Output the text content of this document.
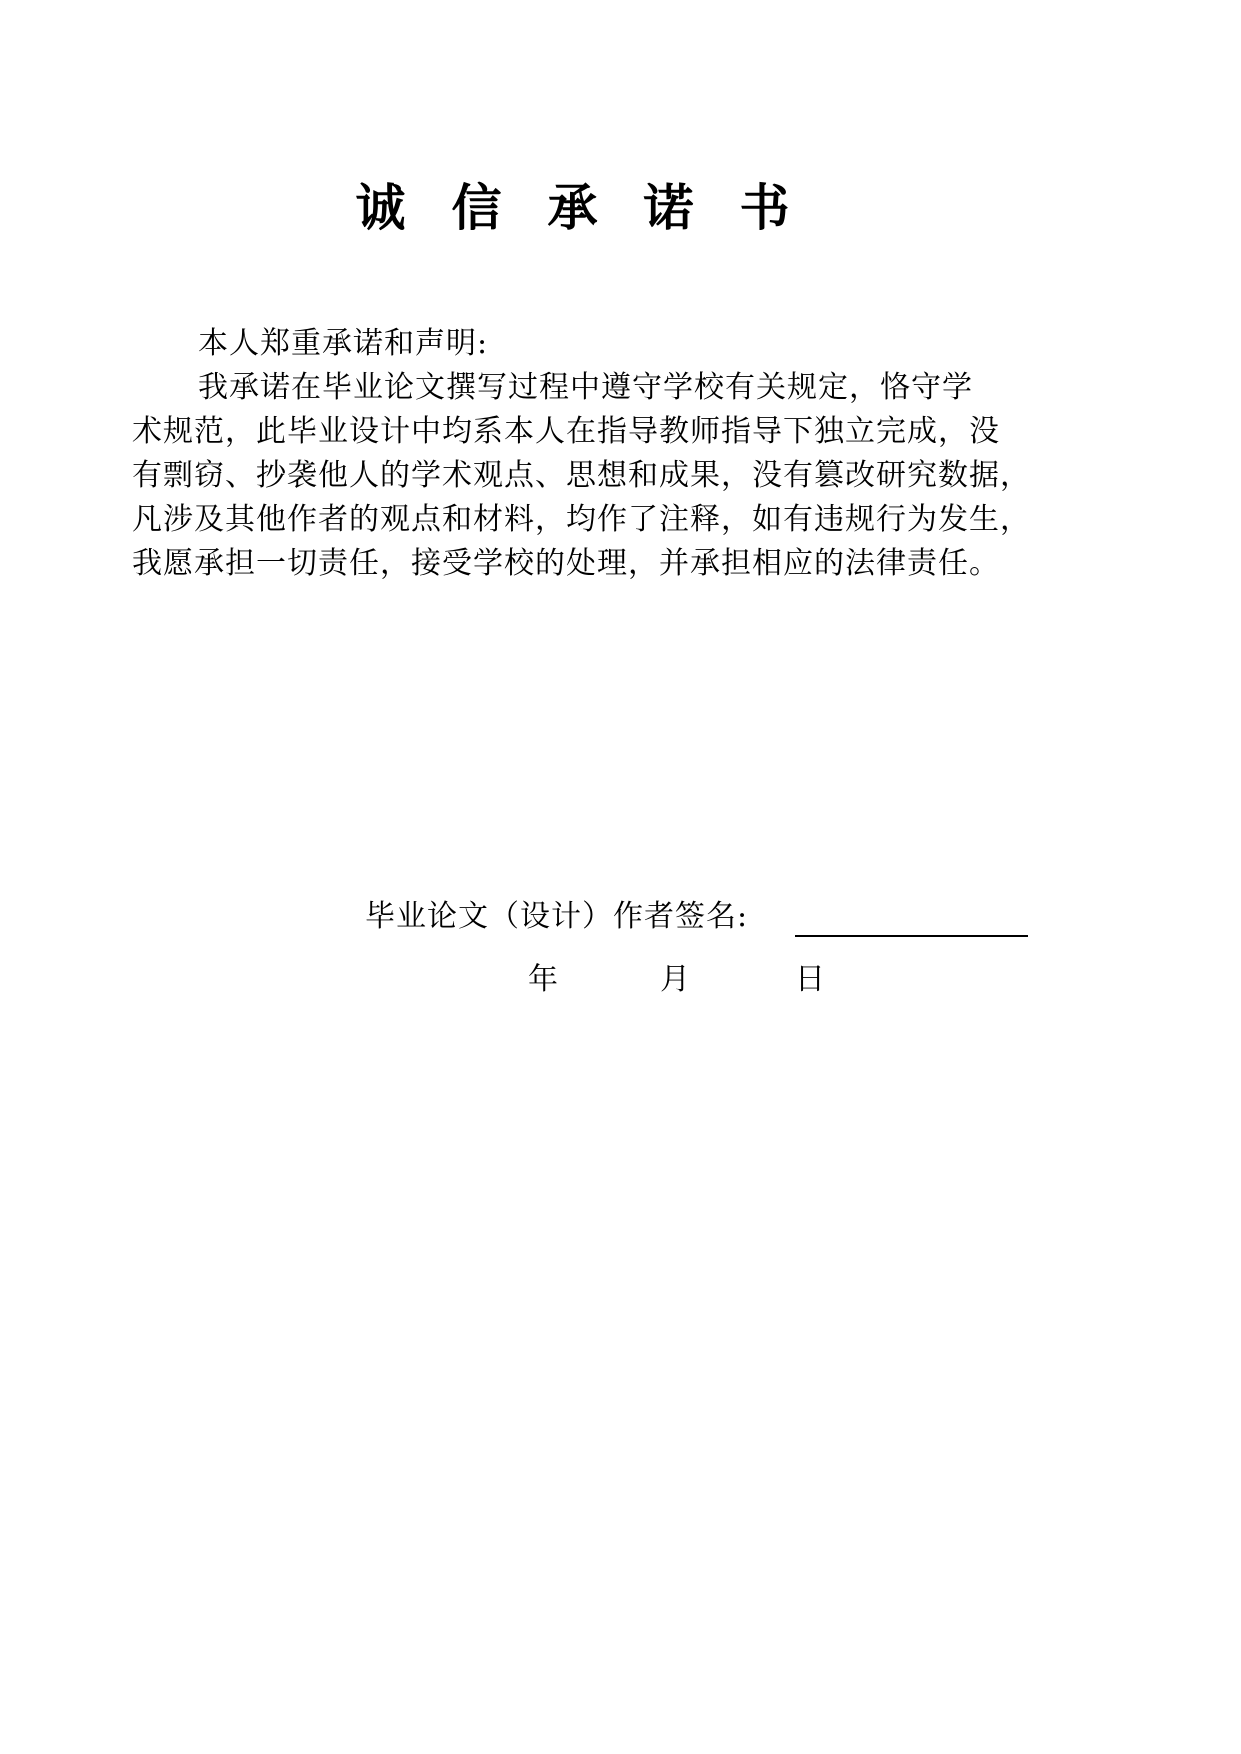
诚信承诺书
本人郑重承诺和声明:
我承诺在毕业论文撰写过程中遵守学校有关规定，恪守学
术规范，此毕业设计中均系本人在指导教师指导下独立完成，没
有剽窃、抄袭他人的学术观点、思想和成果，没有篡改研究数据，
凡涉及其他作者的观点和材料，均作了注释，如有违规行为发生，
我愿承担一切责任，接受学校的处理，并承担相应的法律责任。
毕业论文（设计）作者签名:
年	月	日
